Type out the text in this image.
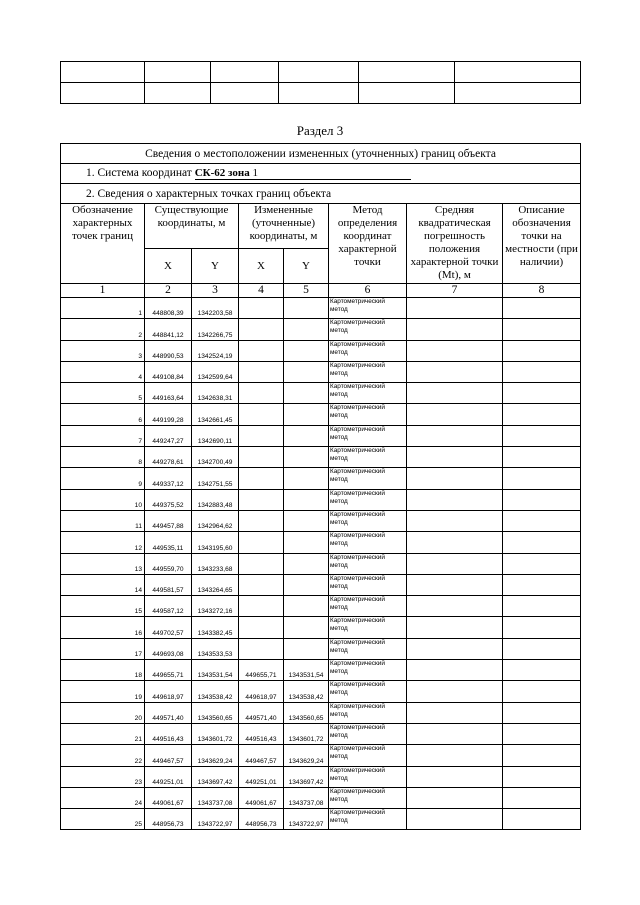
Раздел 3
Сведения о местоположении измененных (уточненных) границ объекта							
1. Система координат СК-62 зона 1							
2. Сведения о характерных точках границ объекта							
Обозначение характерных точек границ	Существующие координаты, м		Измененные (уточненные) координаты, м		Метод определения координат характерной точки	Средняя квадратическая погрешность положения характерной точки (Mt), м	Описание обозначения точки на местности (при наличии)
	X	Y	X	Y			
1	2	3	4	5	6	7	8
1	448808,39	1342203,58			Картометрический
метод		
2	448841,12	1342266,75			Картометрический
метод		
3	448990,53	1342524,19			Картометрический
метод		
4	449108,84	1342599,64			Картометрический
метод		
5	449163,64	1342638,31			Картометрический
метод		
6	449199,28	1342661,45			Картометрический
метод		
7	449247,27	1342690,11			Картометрический
метод		
8	449278,61	1342700,49			Картометрический
метод		
9	449337,12	1342751,55			Картометрический
метод		
10	449375,52	1342883,48			Картометрический
метод		
11	449457,88	1342964,62			Картометрический
метод		
12	449535,11	1343195,60			Картометрический
метод		
13	449559,70	1343233,68			Картометрический
метод		
14	449581,57	1343264,65			Картометрический
метод		
15	449587,12	1343272,16			Картометрический
метод		
16	449702,57	1343382,45			Картометрический
метод		
17	449693,08	1343533,53			Картометрический
метод		
18	449655,71	1343531,54	449655,71	1343531,54	Картометрический
метод		
19	449618,97	1343538,42	449618,97	1343538,42	Картометрический
метод		
20	449571,40	1343560,65	449571,40	1343560,65	Картометрический
метод		
21	449516,43	1343601,72	449516,43	1343601,72	Картометрический
метод		
22	449467,57	1343629,24	449467,57	1343629,24	Картометрический
метод		
23	449251,01	1343697,42	449251,01	1343697,42	Картометрический
метод		
24	449061,67	1343737,08	449061,67	1343737,08	Картометрический
метод		
25	448956,73	1343722,97	448956,73	1343722,97	Картометрический
метод		
